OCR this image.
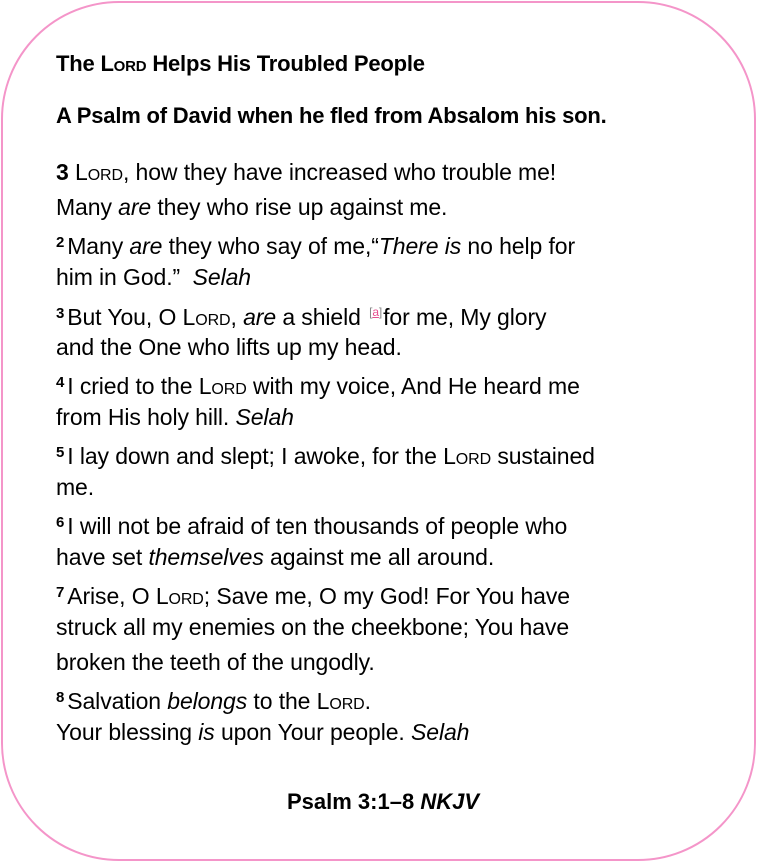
The Lord Helps His Troubled People
A Psalm of David when he fled from Absalom his son.
3 Lord, how they have increased who trouble me!
Many are they who rise up against me.
$^2$ Many are they who say of me,“There is no help for
him in God.”  Selah
$^3$ But You, O Lord, are a shield [a]for me, My glory
and the One who lifts up my head.
$^4$ I cried to the Lord with my voice, And He heard me
from His holy hill. Selah
$^5$ I lay down and slept; I awoke, for the Lord sustained
me.
$^6$ I will not be afraid of ten thousands of people who
have set themselves against me all around.
$^7$ Arise, O Lord; Save me, O my God! For You have
struck all my enemies on the cheekbone; You have
broken the teeth of the ungodly.
$^8$ Salvation belongs to the Lord.
Your blessing is upon Your people. Selah
Psalm 3:1–8 NKJV
